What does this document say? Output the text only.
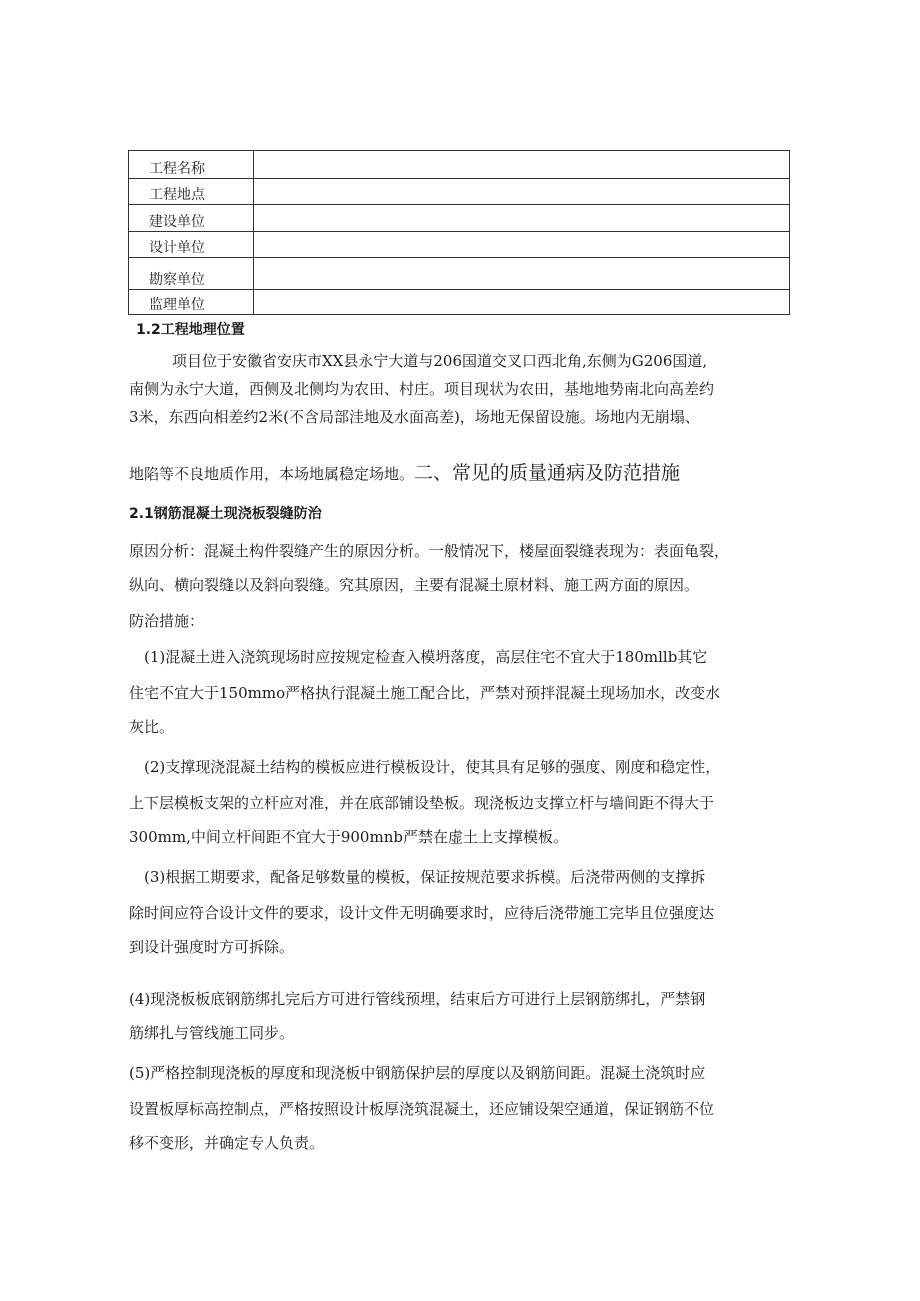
工程名称	
工程地点	
建设单位	
设计单位	
勘察单位	
监理单位	
1.2工程地理位置
项目位于安徽省安庆市XX县永宁大道与206国道交叉口西北角,东侧为G206国道,
南侧为永宁大道，西侧及北侧均为农田、村庄。项目现状为农田，基地地势南北向高差约
3米，东西向相差约2米(不含局部洼地及水面高差)，场地无保留设施。场地内无崩塌、
地陷等不良地质作用，本场地属稳定场地。二、常见的质量通病及防范措施
2.1钢筋混凝土现浇板裂缝防治
原因分析：混凝土构件裂缝产生的原因分析。一般情况下，楼屋面裂缝表现为：表面龟裂，
纵向、横向裂缝以及斜向裂缝。究其原因，主要有混凝土原材料、施工两方面的原因。
防治措施：
(1)混凝土进入浇筑现场时应按规定检查入模坍落度，高层住宅不宜大于180mllb其它
住宅不宜大于150mmo严格执行混凝土施工配合比，严禁对预拌混凝土现场加水，改变水
灰比。
(2)支撑现浇混凝土结构的模板应进行模板设计，使其具有足够的强度、刚度和稳定性，
上下层模板支架的立杆应对准，并在底部铺设垫板。现浇板边支撑立杆与墙间距不得大于
300mm,中间立杆间距不宜大于900mnb严禁在虚土上支撑模板。
(3)根据工期要求，配备足够数量的模板，保证按规范要求拆模。后浇带两侧的支撑拆
除时间应符合设计文件的要求，设计文件无明确要求时，应待后浇带施工完毕且位强度达
到设计强度时方可拆除。
(4)现浇板板底钢筋绑扎完后方可进行管线预埋，结束后方可进行上层钢筋绑扎，严禁钢
筋绑扎与管线施工同步。
(5)严格控制现浇板的厚度和现浇板中钢筋保护层的厚度以及钢筋间距。混凝土浇筑时应
设置板厚标高控制点，严格按照设计板厚浇筑混凝土，还应铺设架空通道，保证钢筋不位
移不变形，并确定专人负责。
